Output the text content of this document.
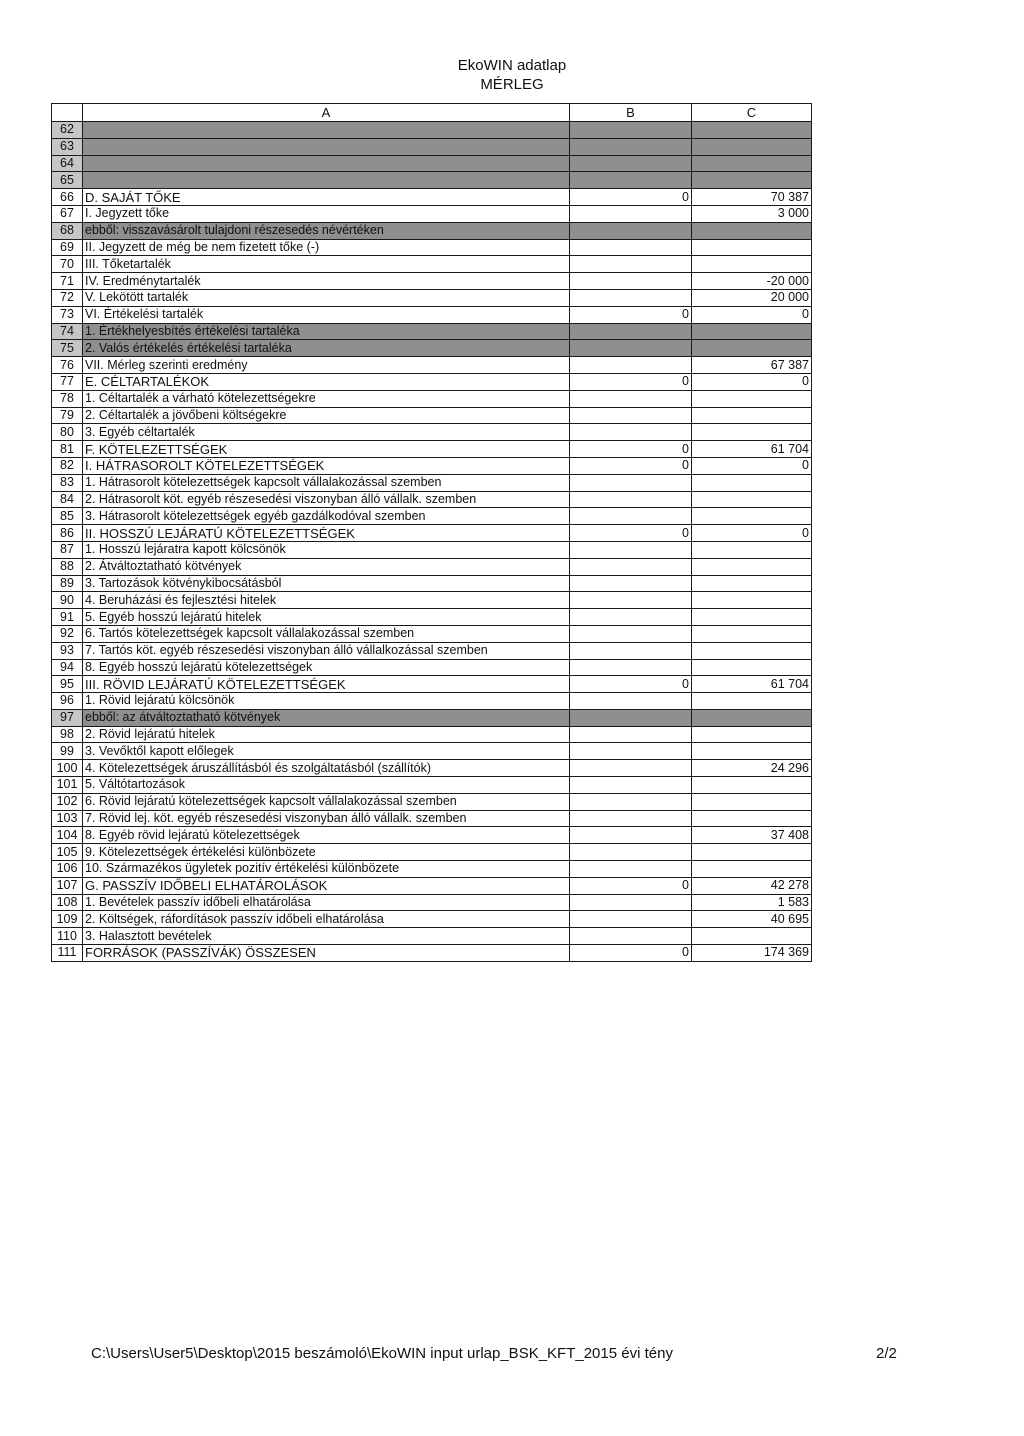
EkoWIN adatlap
MÉRLEG
	A	B	C
62			
63			
64			
65			
66	D. SAJÁT TŐKE	0	70 387
67	I. Jegyzett tőke		3 000
68	ebből: visszavásárolt tulajdoni részesedés névértéken		
69	II. Jegyzett de még be nem fizetett tőke (-)		
70	III. Tőketartalék		
71	IV. Eredménytartalék		-20 000
72	V. Lekötött tartalék		20 000
73	VI. Értékelési tartalék	0	0
74	1. Értékhelyesbítés értékelési tartaléka		
75	2. Valós értékelés értékelési tartaléka		
76	VII. Mérleg szerinti eredmény		67 387
77	E. CÉLTARTALÉKOK	0	0
78	1. Céltartalék a várható kötelezettségekre		
79	2. Céltartalék a jövőbeni költségekre		
80	3. Egyéb céltartalék		
81	F. KÖTELEZETTSÉGEK	0	61 704
82	I. HÁTRASOROLT KÖTELEZETTSÉGEK	0	0
83	1. Hátrasorolt kötelezettségek kapcsolt vállalakozással szemben		
84	2. Hátrasorolt köt. egyéb részesedési viszonyban álló vállalk. szemben		
85	3. Hátrasorolt kötelezettségek egyéb gazdálkodóval szemben		
86	II. HOSSZÚ LEJÁRATÚ KÖTELEZETTSÉGEK	0	0
87	1. Hosszú lejáratra kapott kölcsönök		
88	2. Átváltoztatható kötvények		
89	3. Tartozások kötvénykibocsátásból		
90	4. Beruházási és fejlesztési hitelek		
91	5. Egyéb hosszú lejáratú hitelek		
92	6. Tartós kötelezettségek kapcsolt vállalakozással szemben		
93	7. Tartós köt. egyéb részesedési viszonyban álló vállalkozással szemben		
94	8. Egyéb hosszú lejáratú kötelezettségek		
95	III. RÖVID LEJÁRATÚ KÖTELEZETTSÉGEK	0	61 704
96	1. Rövid lejáratú kölcsönök		
97	ebből: az átváltoztatható kötvények		
98	2. Rövid lejáratú hitelek		
99	3. Vevőktől kapott előlegek		
100	4. Kötelezettségek áruszállításból és szolgáltatásból (szállítók)		24 296
101	5. Váltótartozások		
102	6. Rövid lejáratú kötelezettségek kapcsolt vállalakozással szemben		
103	7. Rövid lej. köt. egyéb részesedési viszonyban álló vállalk. szemben		
104	8. Egyéb rövid lejáratú kötelezettségek		37 408
105	9. Kötelezettségek értékelési különbözete		
106	10. Származékos ügyletek pozitív értékelési különbözete		
107	G. PASSZÍV IDŐBELI ELHATÁROLÁSOK	0	42 278
108	1. Bevételek passzív időbeli elhatárolása		1 583
109	2. Költségek, ráfordítások passzív időbeli elhatárolása		40 695
110	3. Halasztott bevételek		
111	FORRÁSOK (PASSZÍVÁK) ÖSSZESEN	0	174 369
C:\Users\User5\Desktop\2015 beszámoló\EkoWIN input urlap_BSK_KFT_2015 évi tény	2/2
